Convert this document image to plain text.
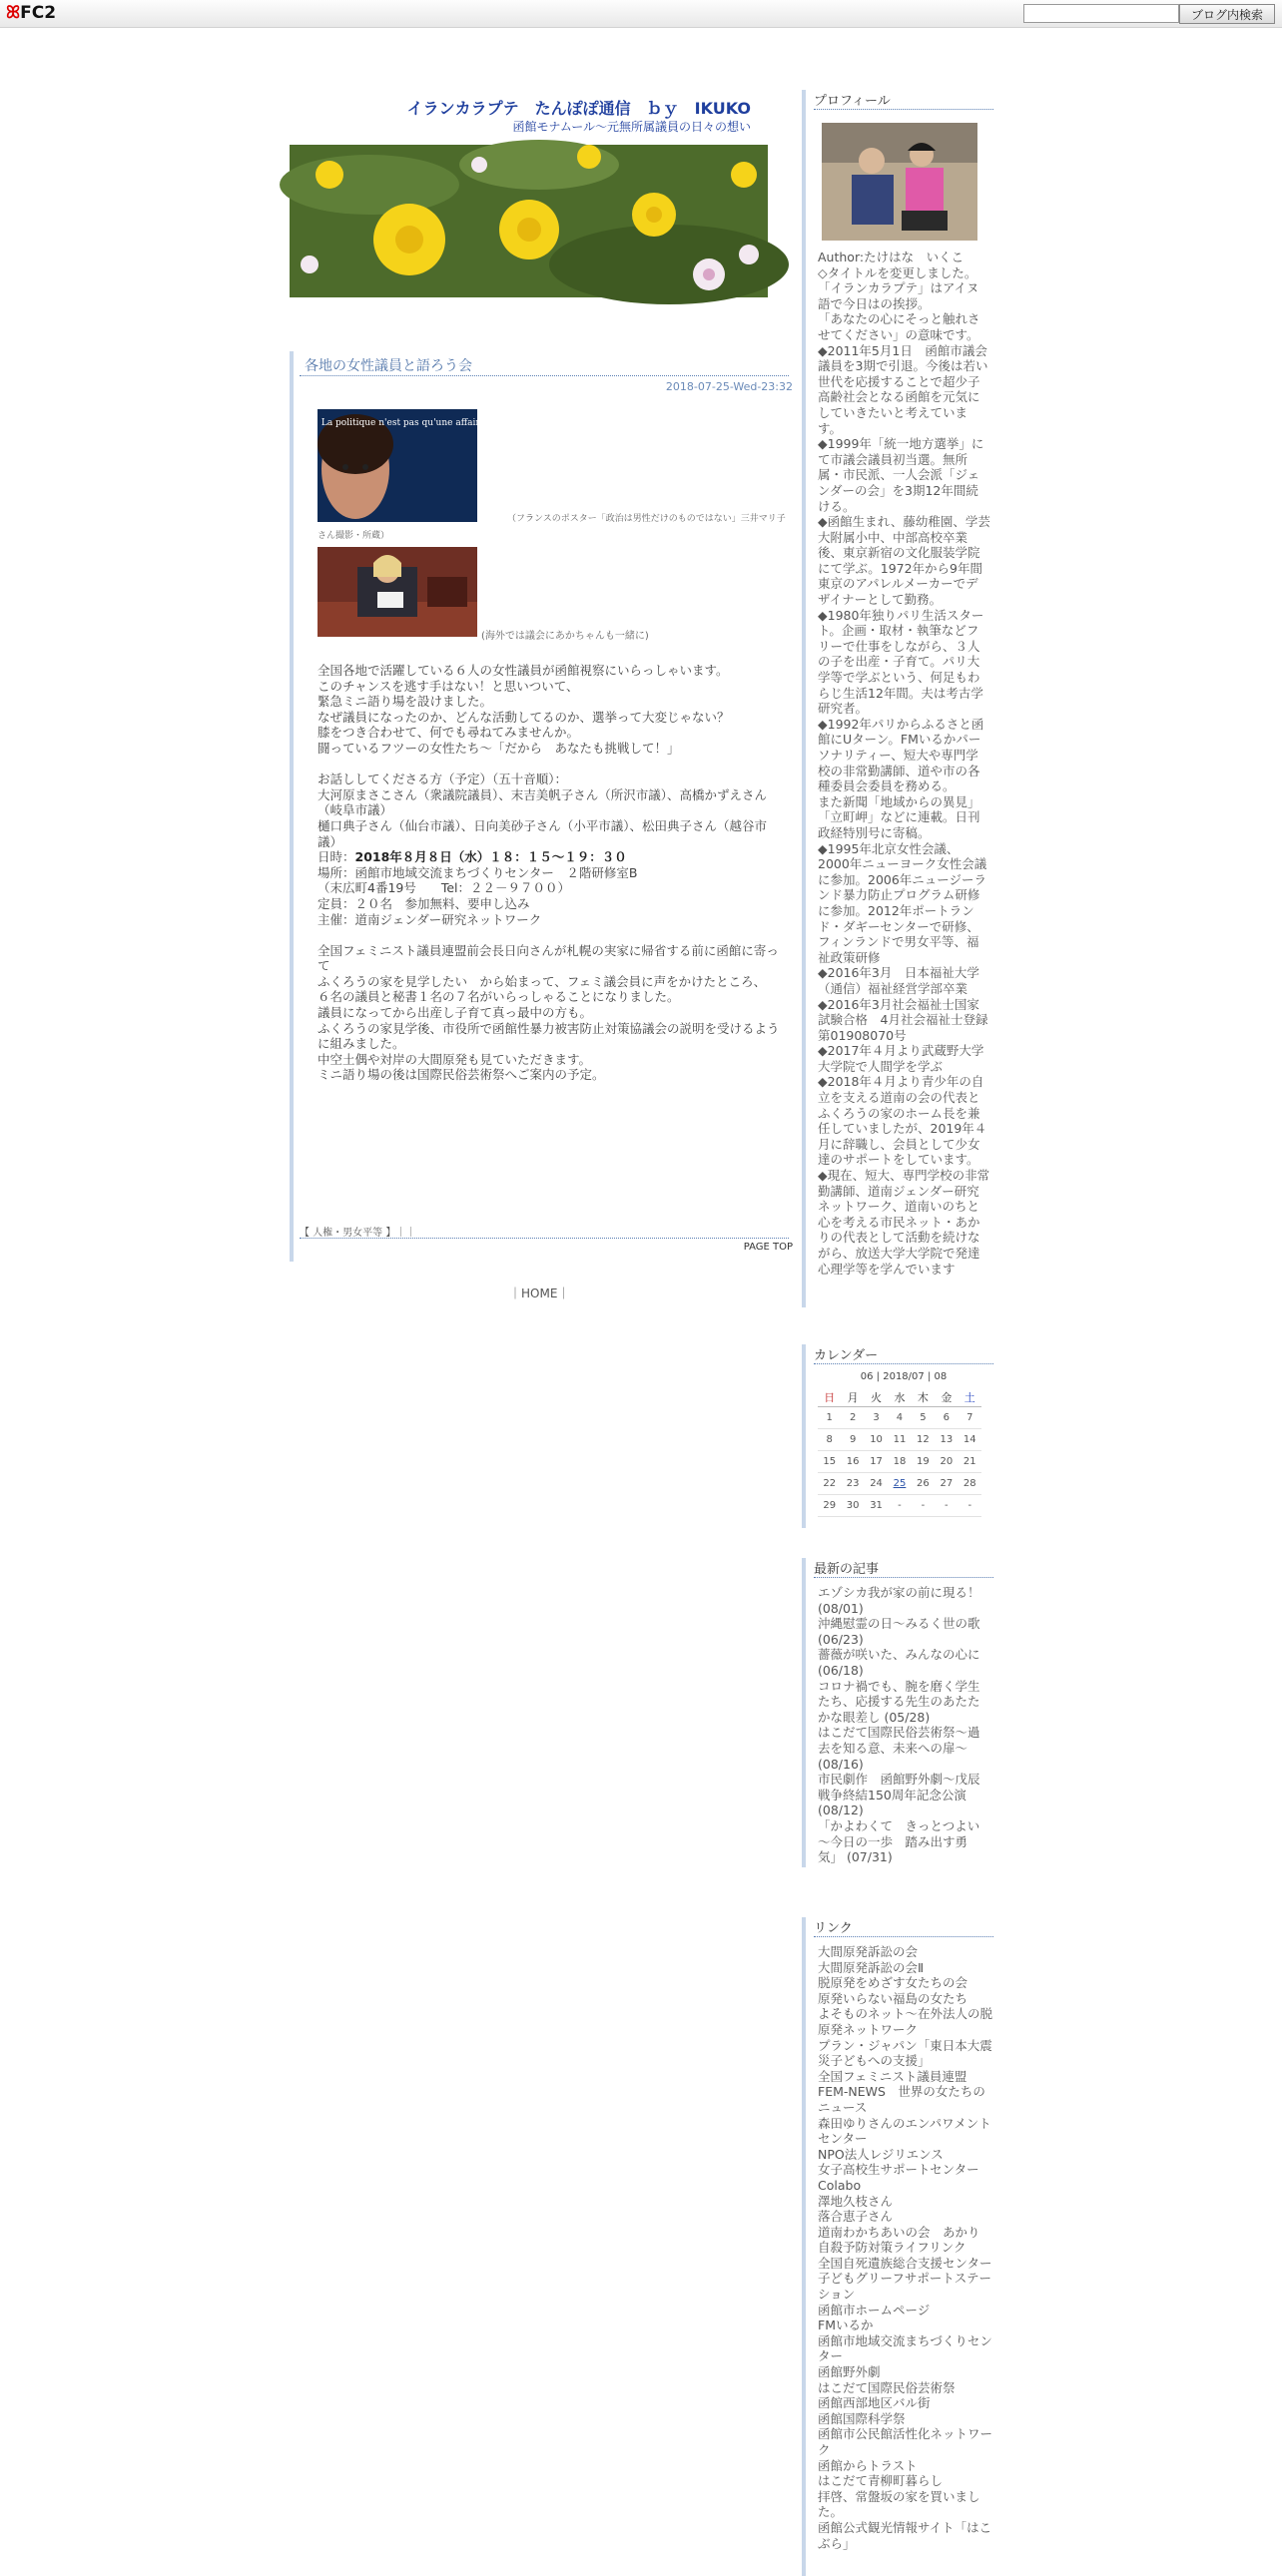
ꕤFC2	ブログ内検索
イランカラプテ　たんぽぽ通信　ｂｙ　IKUKO
函館モナムール～元無所属議員の日々の想い
各地の女性議員と語ろう会
2018-07-25-Wed-23:32
La politique n'est pas qu'une affaire d'hommes.
（フランスのポスター「政治は男性だけのものではない」三井マリ子さん撮影・所蔵）
(海外では議会にあかちゃんも一緒に)
全国各地で活躍している６人の女性議員が函館視察にいらっしゃいます。
このチャンスを逃す手はない！と思いついて、
緊急ミニ語り場を設けました。
なぜ議員になったのか、どんな活動してるのか、選挙って大変じゃない？
膝をつき合わせて、何でも尋ねてみませんか。
闘っているフツーの女性たち～「だから　あなたも挑戦して！」
お話ししてくださる方（予定）（五十音順）：
大河原まさこさん（衆議院議員）、末吉美帆子さん（所沢市議）、高橋かずえさん（岐阜市議）
樋口典子さん（仙台市議）、日向美砂子さん（小平市議）、松田典子さん（越谷市議）
日時：2018年８月８日（水）１８：１５～１９：３０
場所：函館市地域交流まちづくりセンター　２階研修室B
（末広町4番19号　　Tel：２２－９７００）
定員：２０名　参加無料、要申し込み
主催：道南ジェンダー研究ネットワーク
全国フェミニスト議員連盟前会長日向さんが札幌の実家に帰省する前に函館に寄って
ふくろうの家を見学したい　から始まって、フェミ議会員に声をかけたところ、
６名の議員と秘書１名の７名がいらっしゃることになりました。
議員になってから出産し子育て真っ最中の方も。
ふくろうの家見学後、市役所で函館性暴力被害防止対策協議会の説明を受けるように組みました。
中空土偶や対岸の大間原発も見ていただきます。
ミニ語り場の後は国際民俗芸術祭へご案内の予定。
【 人権・男女平等 】｜｜
PAGE TOP
｜HOME｜
プロフィール
Author:たけはな　いくこ
◇タイトルを変更しました。「イランカラプテ」はアイヌ語で今日はの挨拶。
「あなたの心にそっと触れさせてください」の意味です。
◆2011年5月1日　函館市議会議員を3期で引退。今後は若い世代を応援することで超少子高齢社会となる函館を元気にしていきたいと考えています。
◆1999年「統一地方選挙」にて市議会議員初当選。無所属・市民派、一人会派「ジェンダーの会」を3期12年間続ける。
◆函館生まれ、藤幼稚園、学芸大附属小中、中部高校卒業後、東京新宿の文化服装学院にて学ぶ。1972年から9年間東京のアパレルメーカーでデザイナーとして勤務。
◆1980年独りパリ生活スタート。企画・取材・執筆などフリーで仕事をしながら、３人の子を出産・子育て。パリ大学等で学ぶという、何足もわらじ生活12年間。夫は考古学研究者。
◆1992年パリからふるさと函館にUターン。FMいるかパーソナリティー、短大や専門学校の非常勤講師、道や市の各種委員会委員を務める。
また新聞「地域からの異見」「立町岬」などに連載。日刊政経特別号に寄稿。
◆1995年北京女性会議、2000年ニューヨーク女性会議に参加。2006年ニュージーランド暴力防止プログラム研修に参加。2012年ポートランド・ダギーセンターで研修、フィンランドで男女平等、福祉政策研修
◆2016年3月　日本福祉大学（通信）福祉経営学部卒業
◆2016年3月社会福祉士国家試験合格　4月社会福祉士登録　第01908070号
◆2017年４月より武蔵野大学大学院で人間学を学ぶ
◆2018年４月より青少年の自立を支える道南の会の代表とふくろうの家のホーム長を兼任していましたが、2019年４月に辞職し、会員として少女達のサポートをしています。
◆現在、短大、専門学校の非常勤講師、道南ジェンダー研究ネットワーク、道南いのちと心を考える市民ネット・あかりの代表として活動を続けながら、放送大学大学院で発達心理学等を学んでいます
カレンダー
06 | 2018/07 | 08
日	月	火	水	木	金	土
1	2	3	4	5	6	7
8	9	10	11	12	13	14
15	16	17	18	19	20	21
22	23	24	25	26	27	28
29	30	31	-	-	-	-
最新の記事
エゾシカ我が家の前に現る！ (08/01)
沖縄慰霊の日～みるく世の歌 (06/23)
薔薇が咲いた、みんなの心に (06/18)
コロナ禍でも、腕を磨く学生たち、応援する先生のあたたかな眼差し (05/28)
はこだて国際民俗芸術祭～過去を知る意、未来への扉～ (08/16)
市民劇作　函館野外劇～戊辰戦争終結150周年記念公演 (08/12)
「かよわくて　きっとつよい～今日の一歩　踏み出す勇気」 (07/31)
リンク
大間原発訴訟の会
大間原発訴訟の会Ⅱ
脱原発をめざす女たちの会
原発いらない福島の女たち
よそものネット～在外法人の脱原発ネットワーク
プラン・ジャパン「東日本大震災子どもへの支援」
全国フェミニスト議員連盟
FEM-NEWS　世界の女たちのニュース
森田ゆりさんのエンパワメントセンター
NPO法人レジリエンス
女子高校生サポートセンター Colabo
澤地久枝さん
落合恵子さん
道南わかちあいの会　あかり
自殺予防対策ライフリンク
全国自死遺族総合支援センター
子どもグリーフサポートステーション
函館市ホームページ
FMいるか
函館市地域交流まちづくりセンター
函館野外劇
はこだて国際民俗芸術祭
函館西部地区バル街
函館国際科学祭
函館市公民館活性化ネットワーク
函館からトラスト
はこだて青柳町暮らし
拝啓、常盤坂の家を買いました。
函館公式観光情報サイト「はこぶら」
